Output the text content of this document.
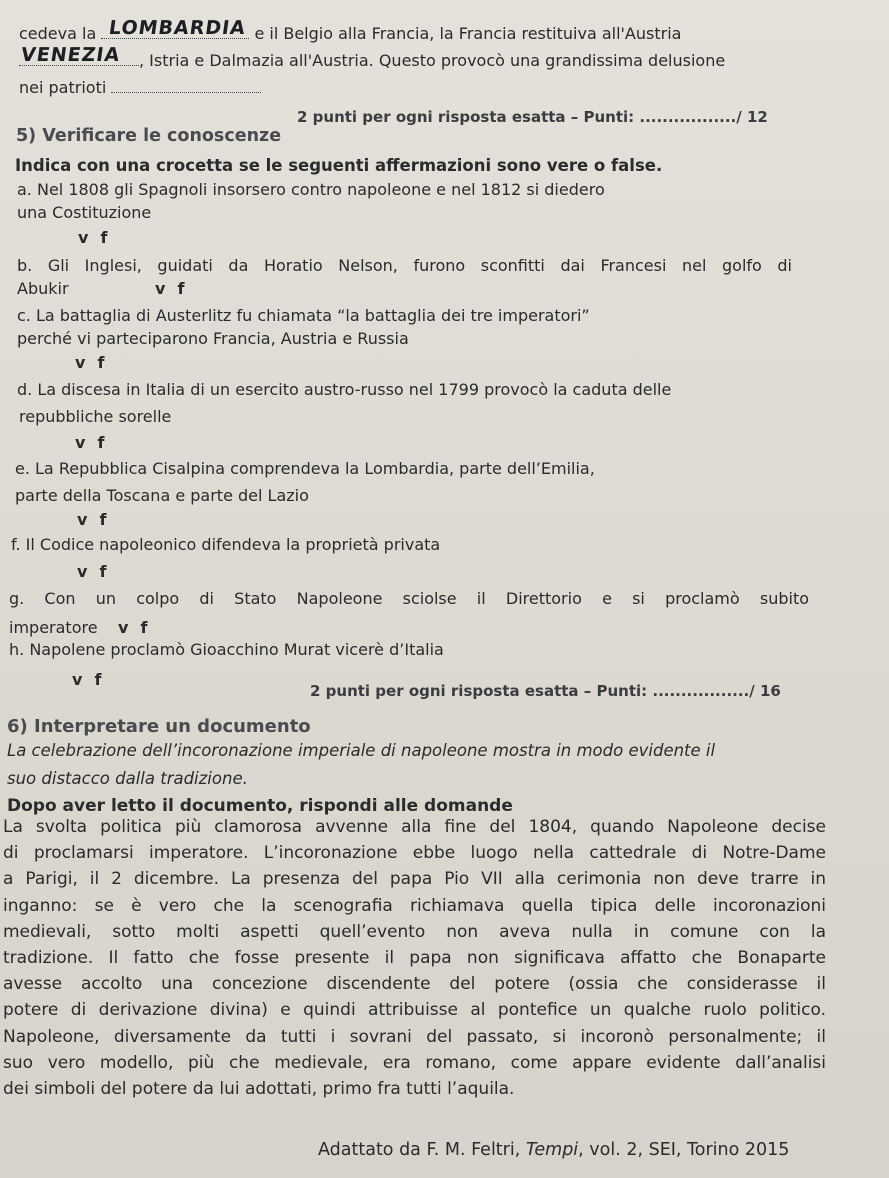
cedeva la LOMBARDIA e il Belgio alla Francia, la Francia restituiva all'Austria
VENEZIA , Istria e Dalmazia all'Austria. Questo provocò una grandissima delusione
nei patrioti
2 punti per ogni risposta esatta – Punti: ................./ 12
5) Verificare le conoscenze
Indica con una crocetta se le seguenti affermazioni sono vere o false.
a. Nel 1808 gli Spagnoli insorsero contro napoleone e nel 1812 si diedero
una Costituzione
v f
b. Gli Inglesi, guidati da Horatio Nelson, furono sconfitti dai Francesi nel golfo di
Abukir	v f
c. La battaglia di Austerlitz fu chiamata “la battaglia dei tre imperatori”
perché vi parteciparono Francia, Austria e Russia
v f
d. La discesa in Italia di un esercito austro-russo nel 1799 provocò la caduta delle
repubbliche sorelle
v f
e. La Repubblica Cisalpina comprendeva la Lombardia, parte dell’Emilia,
parte della Toscana e parte del Lazio
v f
f. Il Codice napoleonico difendeva la proprietà privata
v f
g. Con un colpo di Stato Napoleone sciolse il Direttorio e si proclamò subito
imperatore v f
h. Napolene proclamò Gioacchino Murat vicerè d’Italia
v f
2 punti per ogni risposta esatta – Punti: ................./ 16
6) Interpretare un documento
La celebrazione dell’incoronazione imperiale di napoleone mostra in modo evidente il
suo distacco dalla tradizione.
Dopo aver letto il documento, rispondi alle domande
La svolta politica più clamorosa avvenne alla fine del 1804, quando Napoleone decise
di proclamarsi imperatore. L’incoronazione ebbe luogo nella cattedrale di Notre-Dame
a Parigi, il 2 dicembre. La presenza del papa Pio VII alla cerimonia non deve trarre in
inganno: se è vero che la scenografia richiamava quella tipica delle incoronazioni
medievali, sotto molti aspetti quell’evento non aveva nulla in comune con la
tradizione. Il fatto che fosse presente il papa non significava affatto che Bonaparte
avesse accolto una concezione discendente del potere (ossia che considerasse il
potere di derivazione divina) e quindi attribuisse al pontefice un qualche ruolo politico.
Napoleone, diversamente da tutti i sovrani del passato, si incoronò personalmente; il
suo vero modello, più che medievale, era romano, come appare evidente dall’analisi
dei simboli del potere da lui adottati, primo fra tutti l’aquila.
Adattato da F. M. Feltri, Tempi, vol. 2, SEI, Torino 2015
